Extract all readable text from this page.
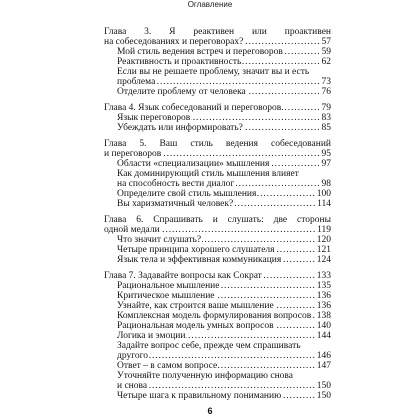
Оглавление
Глава 3. Я реактивен или проактивен
на собеседованиях и переговорах? .....	57
Мой стиль ведения встреч и переговоров .....	59
Реактивность и проактивность .....	62
Если вы не решаете проблему, значит вы и есть
проблема .....	73
Отделите проблему от человека .....	76
Глава 4. Язык собеседований и переговоров .....	79
Язык переговоров .....	83
Убеждать или информировать? .....	85
Глава 5. Ваш стиль ведения собеседований
и переговоров .....	95
Области «специализации» мышления .....	97
Как доминирующий стиль мышления влияет
на способность вести диалог .....	98
Определите свой стиль мышления .....	100
Вы харизматичный человек? .....	114
Глава 6. Спрашивать и слушать: две стороны
одной медали .....	119
Что значит слушать? .....	120
Четыре принципа хорошего слушателя .....	121
Язык тела и эффективная коммуникация .....	124
Глава 7. Задавайте вопросы как Сократ .....	133
Рациональное мышление .....	135
Критическое мышление .....	136
Узнайте, как строится ваше мышление .....	136
Комплексная модель формулирования вопросов ..... 138
Рациональная модель умных вопросов .....	140
Логика и эмоции .....	144
Задайте вопрос себе, прежде чем спрашивать
другого .....	146
Ответ – в самом вопросе .....	147
Уточняйте полученную информацию снова
и снова .....	150
Четыре шага к правильному пониманию .....	150
6
